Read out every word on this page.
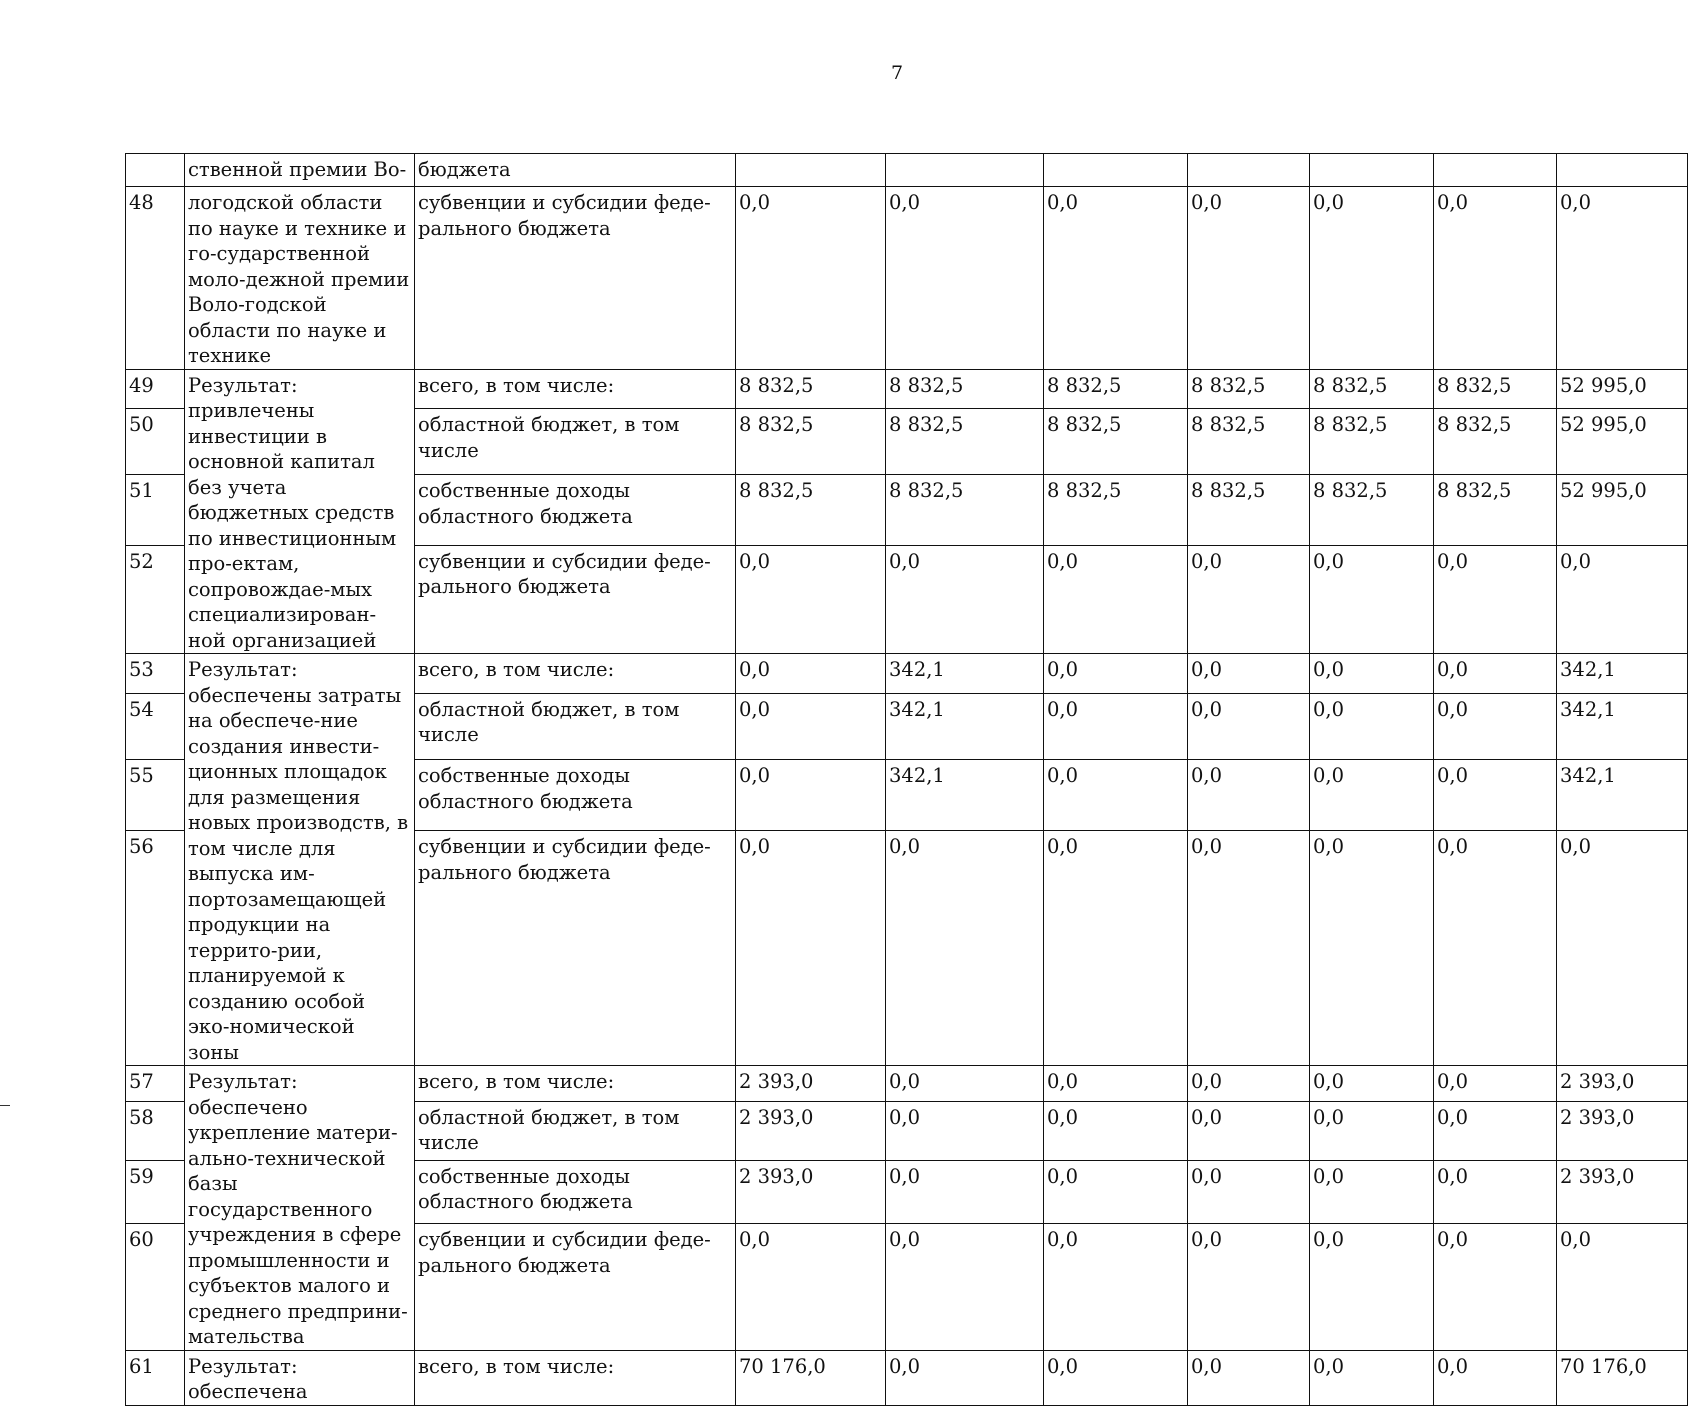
7
	ственной премии Во-	бюджета							
48	логодской области по науке и технике и го-сударственной моло-дежной премии Воло-годской области по науке и технике	субвенции и субсидии феде-рального бюджета	0,0	0,0	0,0	0,0	0,0	0,0	0,0
49	Результат: привлечены инвестиции в основной капитал без учета бюджетных средств по инвестиционным про-ектам, сопровождае-мых специализирован-ной организацией	всего, в том числе:	8 832,5	8 832,5	8 832,5	8 832,5	8 832,5	8 832,5	52 995,0
50		областной бюджет, в том числе	8 832,5	8 832,5	8 832,5	8 832,5	8 832,5	8 832,5	52 995,0
51		собственные доходы областного бюджета	8 832,5	8 832,5	8 832,5	8 832,5	8 832,5	8 832,5	52 995,0
52		субвенции и субсидии феде-рального бюджета	0,0	0,0	0,0	0,0	0,0	0,0	0,0
53	Результат: обеспечены затраты на обеспече-ние создания инвести-ционных площадок для размещения новых производств, в том числе для выпуска им-портозамещающей продукции на террито-рии, планируемой к созданию особой эко-номической зоны	всего, в том числе:	0,0	342,1	0,0	0,0	0,0	0,0	342,1
54		областной бюджет, в том числе	0,0	342,1	0,0	0,0	0,0	0,0	342,1
55		собственные доходы областного бюджета	0,0	342,1	0,0	0,0	0,0	0,0	342,1
56		субвенции и субсидии феде-рального бюджета	0,0	0,0	0,0	0,0	0,0	0,0	0,0
57	Результат: обеспечено укрепление матери-ально-технической базы государственного учреждения в сфере промышленности и субъектов малого и среднего предприни-мательства	всего, в том числе:	2 393,0	0,0	0,0	0,0	0,0	0,0	2 393,0
58		областной бюджет, в том числе	2 393,0	0,0	0,0	0,0	0,0	0,0	2 393,0
59		собственные доходы областного бюджета	2 393,0	0,0	0,0	0,0	0,0	0,0	2 393,0
60		субвенции и субсидии феде-рального бюджета	0,0	0,0	0,0	0,0	0,0	0,0	0,0
61	Результат: обеспечена	всего, в том числе:	70 176,0	0,0	0,0	0,0	0,0	0,0	70 176,0
